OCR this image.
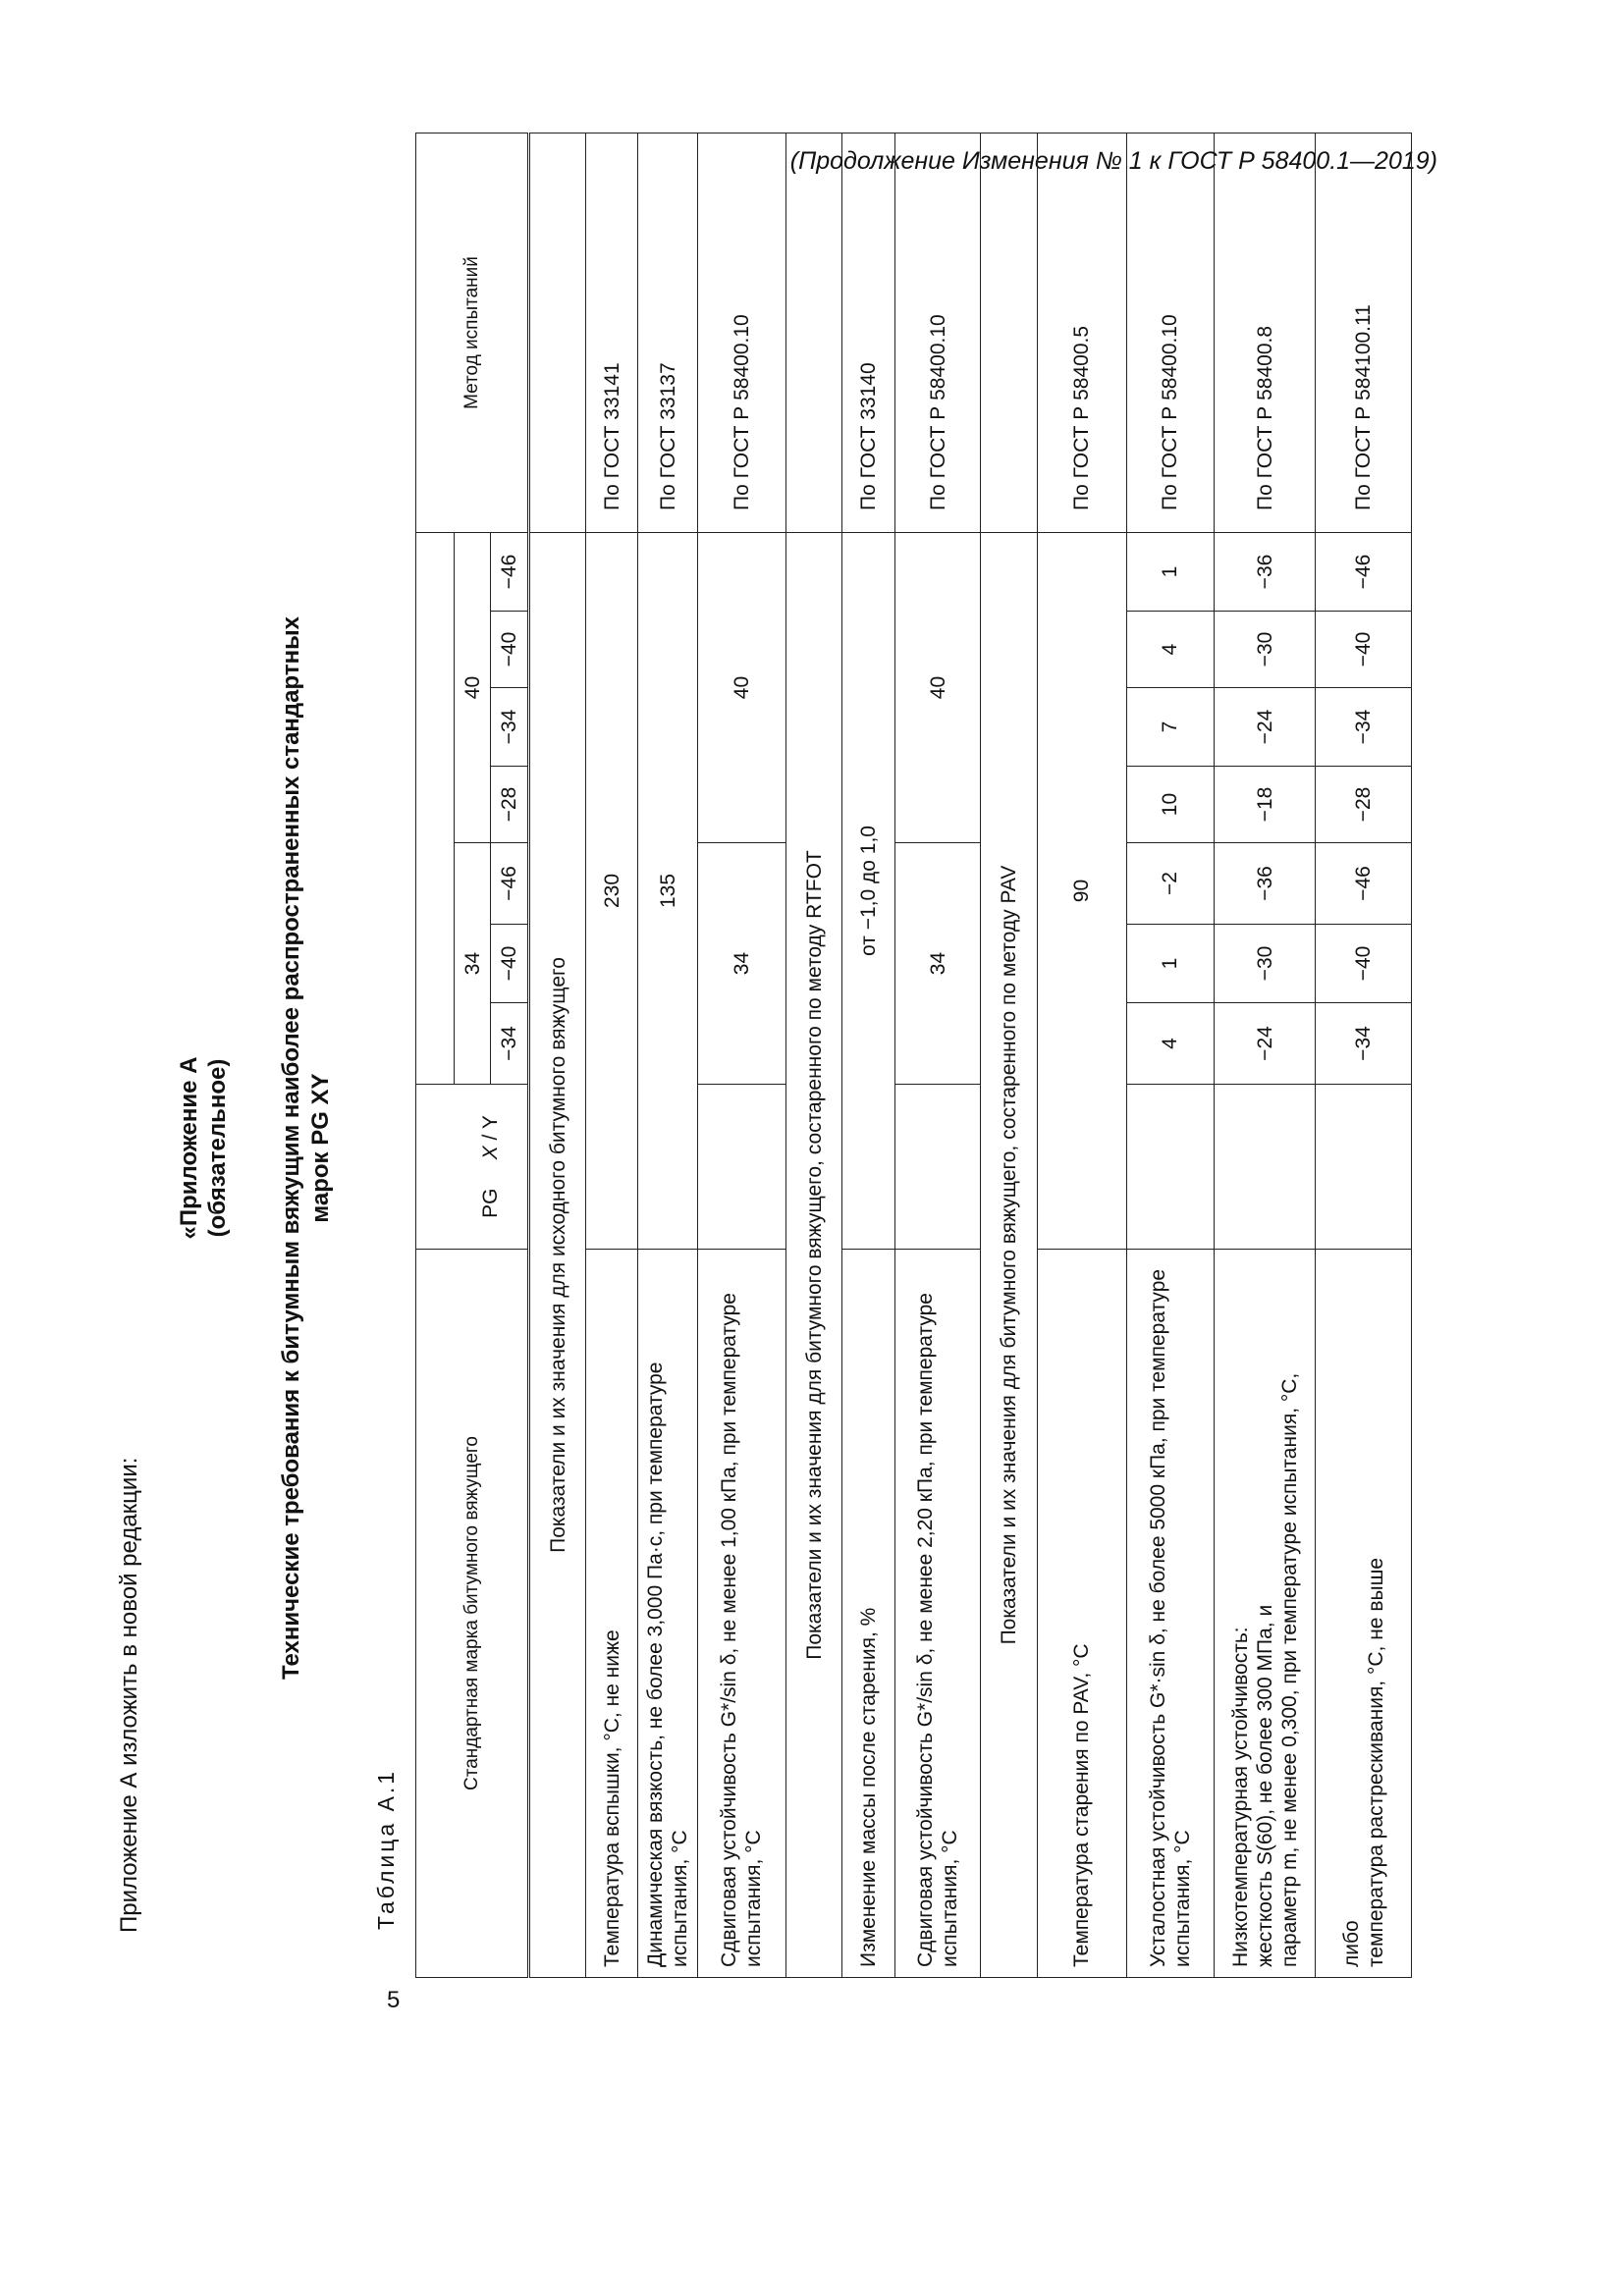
(Продолжение Изменения № 1 к ГОСТ Р 58400.1—2019)
5
Приложение А изложить в новой редакции:
«Приложение А (обязательное) Технические требования к битумным вяжущим наиболее распространенных стандартных марок PG XY
Таблица А.1
Стандартная марка битумного вяжущего									Метод испытаний
	PG     X / Y	34			40				
		−34	−40	−46	−28	−34	−40	−46	
Показатели и их значения для исходного битумного вяжущего									
Температура вспышки, °С, не ниже	230								По ГОСТ 33141
Динамическая вязкость, не более 3,000 Па·с, при температуре испытания, °С	135								По ГОСТ 33137
Сдвиговая устойчивость G*/sin δ, не менее 1,00 кПа, при температуре испытания, °С		34			40				По ГОСТ Р 58400.10
Показатели и их значения для битумного вяжущего, состаренного по методу RTFOT									
Изменение массы после старения, %	от −1,0 до 1,0								По ГОСТ 33140
Сдвиговая устойчивость G*/sin δ, не менее 2,20 кПа, при температуре испытания, °С		34			40				По ГОСТ Р 58400.10
Показатели и их значения для битумного вяжущего, состаренного по методу PAV									
Температура старения по PAV, °С	90								По ГОСТ Р 58400.5
Усталостная устойчивость G*·sin δ, не более 5000 кПа, при температуре испытания, °С		4	1	−2	10	7	4	1	По ГОСТ Р 58400.10

Низкотемпературная устойчивость: жесткость S(60), не более 300 МПа, и параметр m, не менее 0,300, при температуре испытания, °С,		−24	−30	−36	−18	−24	−30	−36	По ГОСТ Р 58400.8

либо температура растрескивания, °С, не выше		−34	−40	−46	−28	−34	−40	−46	По ГОСТ Р 584100.11
